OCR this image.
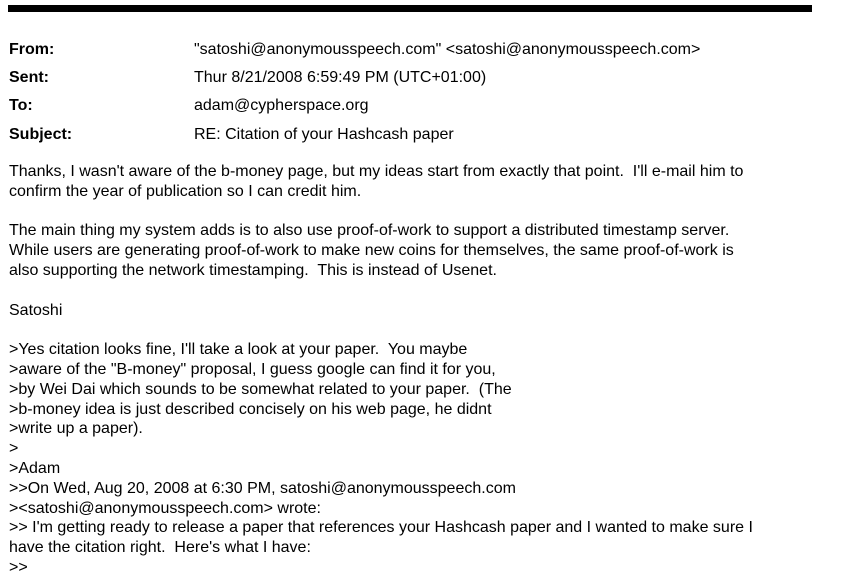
From:	"satoshi@anonymousspeech.com" <satoshi@anonymousspeech.com>
Sent:	Thur 8/21/2008 6:59:49 PM (UTC+01:00)
To:	adam@cypherspace.org
Subject:	RE: Citation of your Hashcash paper

Thanks, I wasn't aware of the b-money page, but my ideas start from exactly that point.  I'll e-mail him to
confirm the year of publication so I can credit him.

The main thing my system adds is to also use proof-of-work to support a distributed timestamp server.
While users are generating proof-of-work to make new coins for themselves, the same proof-of-work is
also supporting the network timestamping.  This is instead of Usenet.

Satoshi

>Yes citation looks fine, I'll take a look at your paper.  You maybe
>aware of the "B-money" proposal, I guess google can find it for you,
>by Wei Dai which sounds to be somewhat related to your paper.  (The
>b-money idea is just described concisely on his web page, he didnt
>write up a paper).
>
>Adam
>>On Wed, Aug 20, 2008 at 6:30 PM, satoshi@anonymousspeech.com
><satoshi@anonymousspeech.com> wrote:
>> I'm getting ready to release a paper that references your Hashcash paper and I wanted to make sure I
have the citation right.  Here's what I have:
>>
